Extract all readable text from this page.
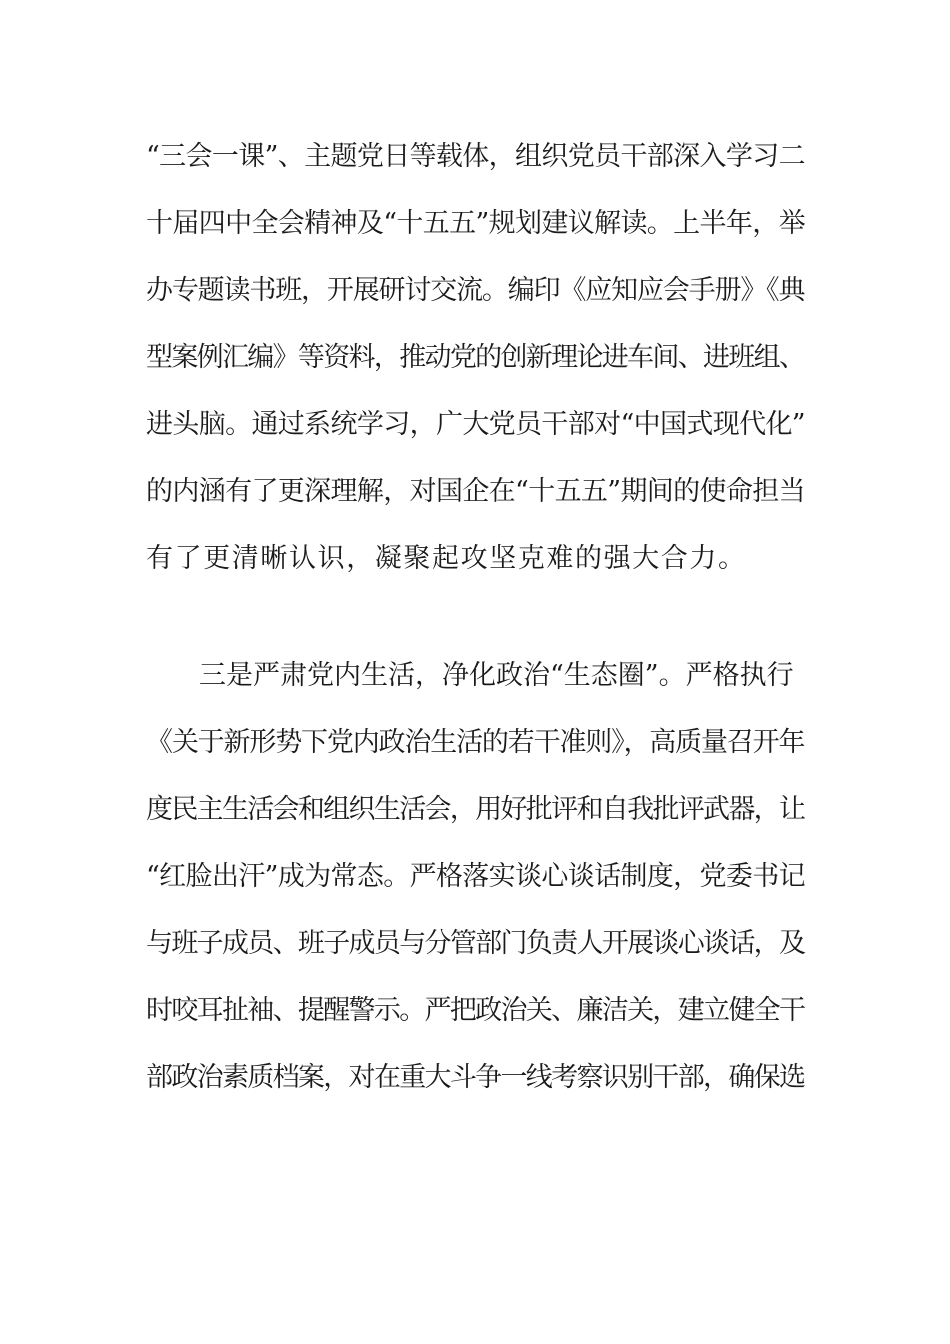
“三会一课”、主题党日等载体，组织党员干部深入学习二
十届四中全会精神及“十五五”规划建议解读。上半年，举
办专题读书班，开展研讨交流。编印《应知应会手册》《典
型案例汇编》等资料，推动党的创新理论进车间、进班组、
进头脑。通过系统学习，广大党员干部对“中国式现代化”
的内涵有了更深理解，对国企在“十五五”期间的使命担当
有了更清晰认识，凝聚起攻坚克难的强大合力。
三是严肃党内生活，净化政治“生态圈”。严格执行
《关于新形势下党内政治生活的若干准则》，高质量召开年
度民主生活会和组织生活会，用好批评和自我批评武器，让
“红脸出汗”成为常态。严格落实谈心谈话制度，党委书记
与班子成员、班子成员与分管部门负责人开展谈心谈话，及
时咬耳扯袖、提醒警示。严把政治关、廉洁关，建立健全干
部政治素质档案，对在重大斗争一线考察识别干部，确保选
